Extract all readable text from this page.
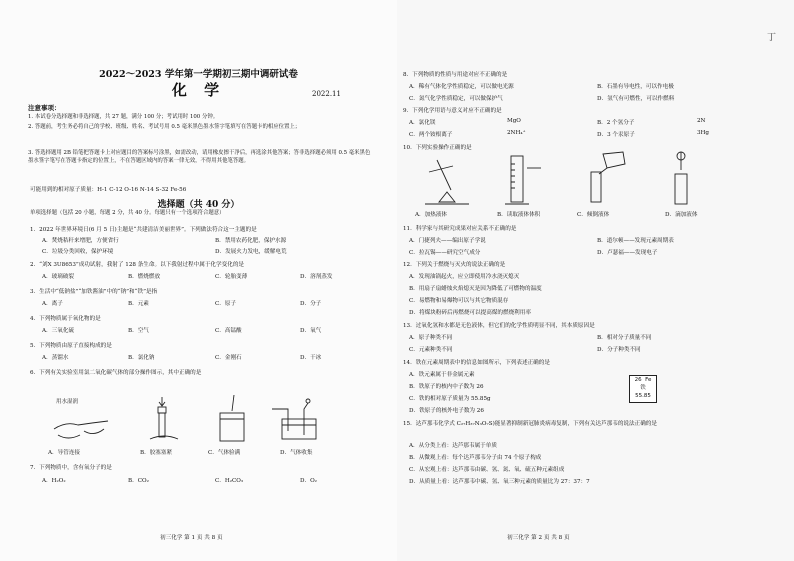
2022～2023 学年第一学期初三期中调研试卷
化 学	2022.11
注意事项：
1. 本试卷分选择题和非选择题，共 27 题，满分 100 分；考试用时 100 分钟。
2. 答题前，考生务必将自己的学校、班级、姓名、考试号用 0.5 毫米黑色墨水签字笔填写在答题卡的相应位置上；
3. 答选择题用 2B 铅笔把答题卡上对应题目的答案标号涂黑，如需改动，请用橡皮擦干净后，再选涂其他答案；答非选择题必须用 0.5 毫米黑色墨水签字笔写在答题卡指定的位置上，不在答题区域内的答案一律无效，不得用其他笔答题。
可能用到的相对原子质量：H-1 C-12 O-16 N-14 S-32 Fe-56
选择题（共 40 分）
单项选择题（包括 20 小题，每题 2 分，共 40 分。每题只有一个选项符合题意）
1．2022 年世界环境日(6 月 5 日)主题是“共建清洁美丽世界”。下列做法符合这一主题的是
A．焚烧秸秆来增肥，方便省行	B．禁用农药化肥，保护水源
C．垃圾分类回收，保护环境	D．发展火力发电，缓解电荒
2．“刘X 3U8653”成功试射，我射了 128 条生命。以下我射过程中属于化学变化的是
A．玻璃破裂	B．燃烧燃放	C．轮胎变薄	D．溶剂蒸发
3．生活中“低钠盐”“加铁酱油”中的“钠”和“铁”是指
A．离子	B．元素	C．原子	D．分子
4．下列物质属于氧化物的是
A．三氧化硫	B．空气	C．高锰酸	D．氧气
5．下列物质由原子直接构成的是
A．蒸馏水	B．氯化钠	C．金刚石	D．干冰
6．下列有关实验室用氯二氧化碳气体的部分操作图示，其中正确的是
用水湿润
A．导管连接	B．胶塞塞紧	C．气体验满	D．气体收集
7．下列物质中，含有氧分子的是
A．H₂O₂	B．CO₂	C．H₂CO₃	D．O₂
初三化学 第 1 页 共 8 页
丁
8．下列物质的性质与用途对应不正确的是
A．稀有气体化学性质稳定，可以做电光源	B．石墨有导电性，可以作电极
C．氮气化学性质稳定，可以做保护气	D．氢气有可燃性，可以作燃料
9．下列化学用语与意义对应不正确的是
A．氯化镁	MgO	B．2 个氢分子	2N
C．两个铵根离子	2NH₄⁺	D．3 个汞原子	3Hg
10．下列实验操作正确的是
A．加热液体	B．读取液体体积	C．倾倒液体	D．滴加液体
11．科学家与其研究成果对应关系不正确的是
A．门捷列夫——编出原子学说	B．道尔顿——发现元素周期表
C．拉瓦锡——研究空气成分	D．卢瑟福——发现电子
12．下列关于燃烧与灭火的说法正确的是
A．发现油锅起火，应立即使用冷水浇灭熄灭
B．用扇子扇蜡烛火焰熄灭是因为降低了可燃物的温度
C．易燃物和易爆物可以与其它物质混存
D．将煤块粉碎后再燃烧可以提高煤的燃烧利用率
13．过氧化氢和水都是无色液体，但它们的化学性质明显不同，其本质原因是
A．原子种类不同	B．相对分子质量不同
C．元素种类不同	D．分子种类不同
14．铁在元素周期表中的信息如图所示，下列表述正确的是
A．铁元素属于非金属元素
B．铁原子的核内中子数为 26
C．铁的相对原子质量为 55.85g
D．铁原子的核外电子数为 26
26 Fe
铁
55.85
15．达芦那韦化学式 C₂₇H₃₇N₃O₇S)能显著抑制新冠肺炎病毒复制，下列有关达芦那韦的说法正确的是
A．从分类上看：达芦那韦属于单质
B．从微观上看：每个达芦那韦分子由 74 个原子构成
C．从宏观上看：达芦那韦由碳、氢、氮、氧、硫五种元素组成
D．从质量上看：达芦那韦中碳、氢、氧三种元素的质量比为 27：37：7
初三化学 第 2 页 共 8 页
